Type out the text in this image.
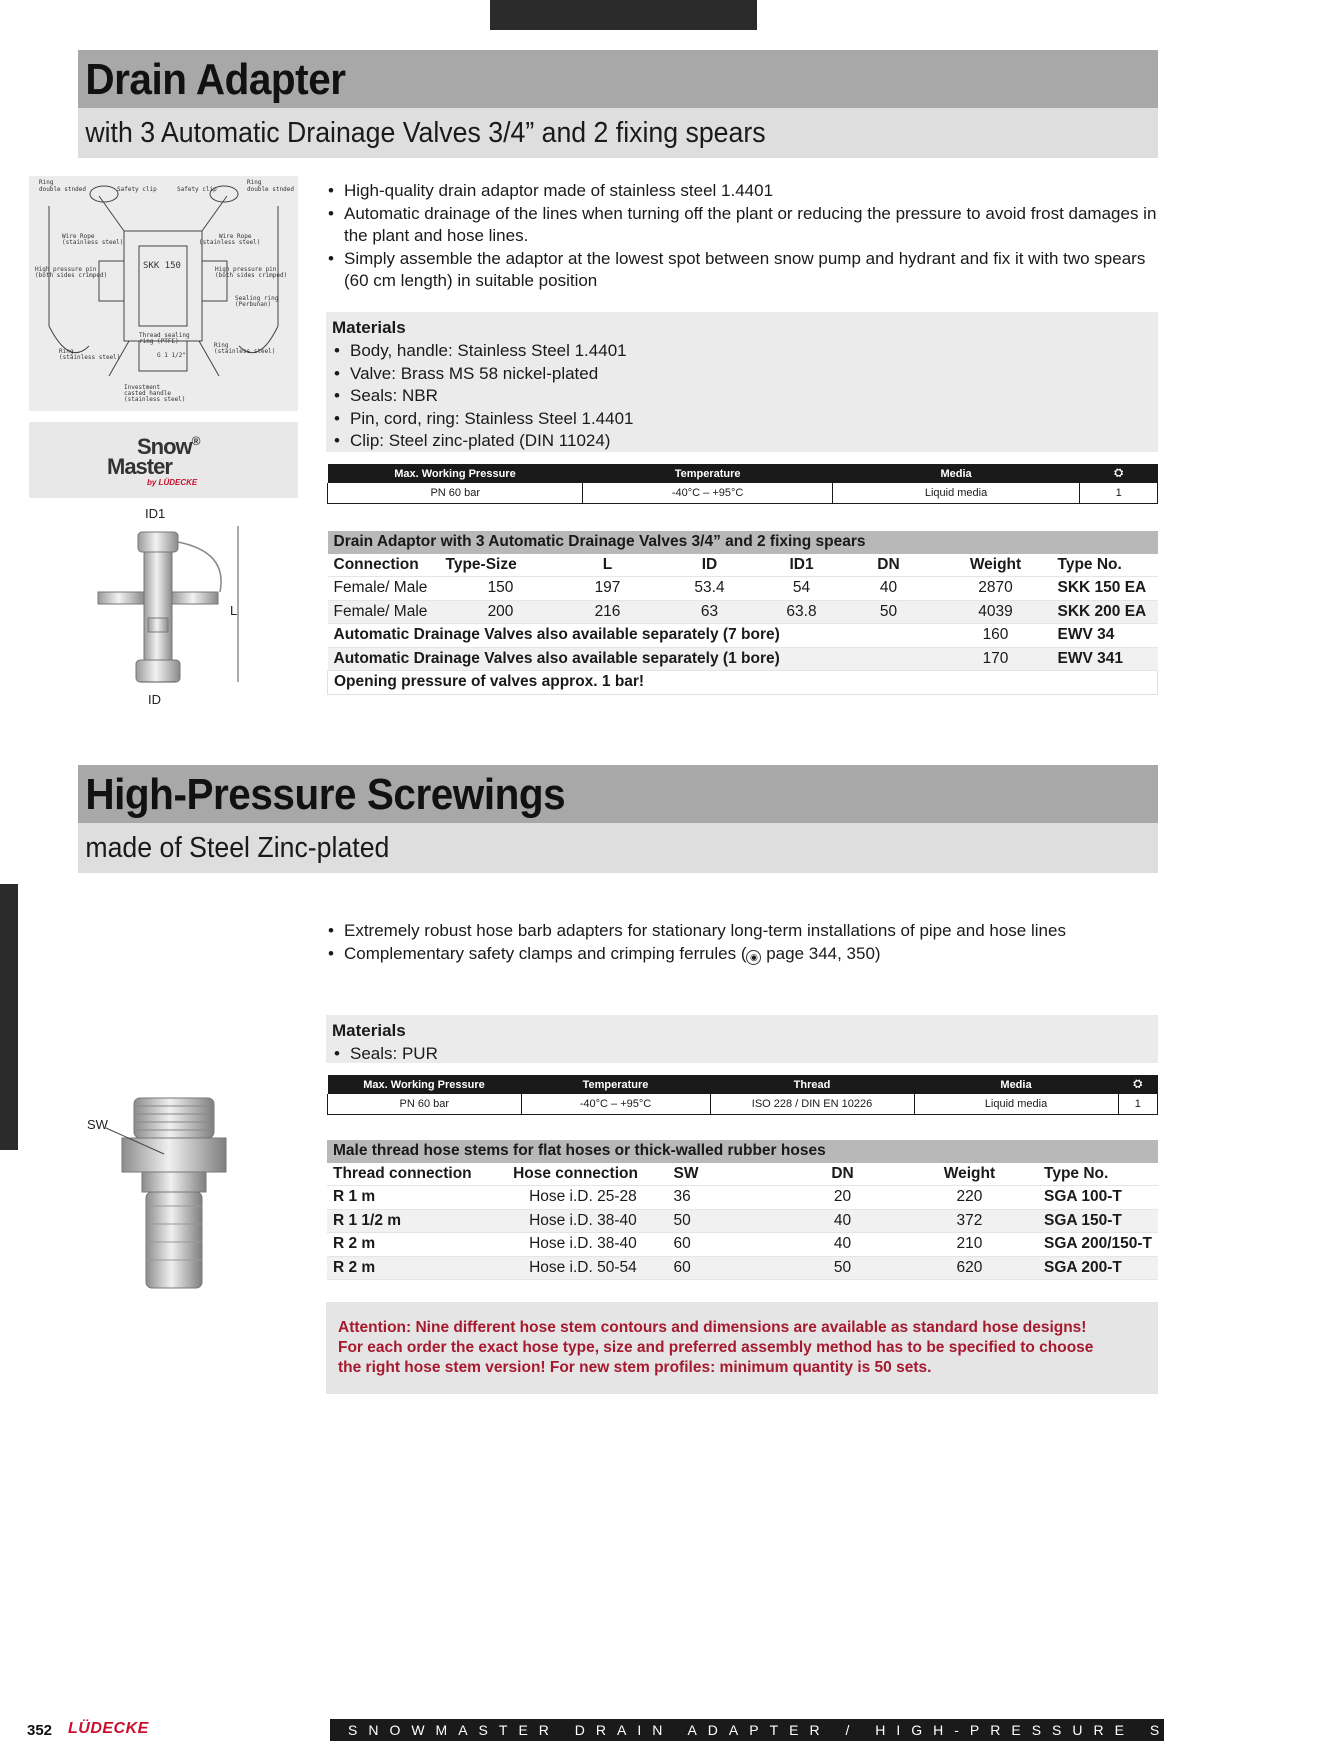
Drain Adapter
with 3 Automatic Drainage Valves 3/4” and 2 fixing spears
Ring
double stnded	Safety clip	Safety clip
Ring
double stnded
Wire Rope
(stainless steel)
Wire Rope
(stainless steel)
High pressure pin
(both sides crimped)
High pressure pin
(both sides crimped)
SKK 150
Sealing ring
(Perbunan)
Thread sealing
ring (PTFE)
G 1 1/2"
Ring
(stainless steel)
Ring
(stainless steel)
Investment
casted handle
(stainless steel)
Snow®
Master
by LÜDECKE
ID1
L
ID
• High-quality drain adaptor made of stainless steel 1.4401
• Automatic drainage of the lines when turning off the plant or reducing the pressure to avoid frost damages in the plant and hose lines.
• Simply assemble the adaptor at the lowest spot between snow pump and hydrant and fix it with two spears (60 cm length) in suitable position
Materials
• Body, handle: Stainless Steel 1.4401
• Valve: Brass MS 58 nickel-plated
• Seals: NBR
• Pin, cord, ring: Stainless Steel 1.4401
• Clip: Steel zinc-plated (DIN 11024)
Max. Working Pressure	Temperature	Media	⛭
PN 60 bar	-40°C – +95°C	Liquid media	1
Drain Adaptor with 3 Automatic Drainage Valves 3/4” and 2 fixing spears							
Connection	Type-Size	L	ID	ID1	DN	Weight	Type No.
Female/ Male	150	197	53.4	54	40	2870	SKK 150 EA
Female/ Male	200	216	63	63.8	50	4039	SKK 200 EA
Automatic Drainage Valves also available separately (7 bore)						160	EWV 34
Automatic Drainage Valves also available separately (1 bore)						170	EWV 341
Opening pressure of valves approx. 1 bar!							
High-Pressure Screwings
made of Steel Zinc-plated
• Extremely robust hose barb adapters for stationary long-term installations of pipe and hose lines
• Complementary safety clamps and crimping ferrules ( ◉ page 344, 350)
Materials
• Seals: PUR
Max. Working Pressure	Temperature	Thread	Media	⛭
PN 60 bar	-40°C – +95°C	ISO 228 / DIN EN 10226	Liquid media	1
SW
Male thread hose stems for flat hoses or thick-walled rubber hoses					
Thread connection	Hose connection	SW	DN	Weight	Type No.
R 1 m	Hose i.D. 25-28	36	20	220	SGA 100-T
R 1 1/2 m	Hose i.D. 38-40	50	40	372	SGA 150-T
R 2 m	Hose i.D. 38-40	60	40	210	SGA 200/150-T
R 2 m	Hose i.D. 50-54	60	50	620	SGA 200-T

Attention: Nine different hose stem contours and dimensions are available as standard hose designs!

For each order the exact hose type, size and preferred assembly method has to be specified to choose

the right hose stem version! For new stem profiles: minimum quantity is 50 sets.

352 LÜDECKE	SNOWMASTER DRAIN ADAPTER / HIGH-PRESSURE SCREWINGS
